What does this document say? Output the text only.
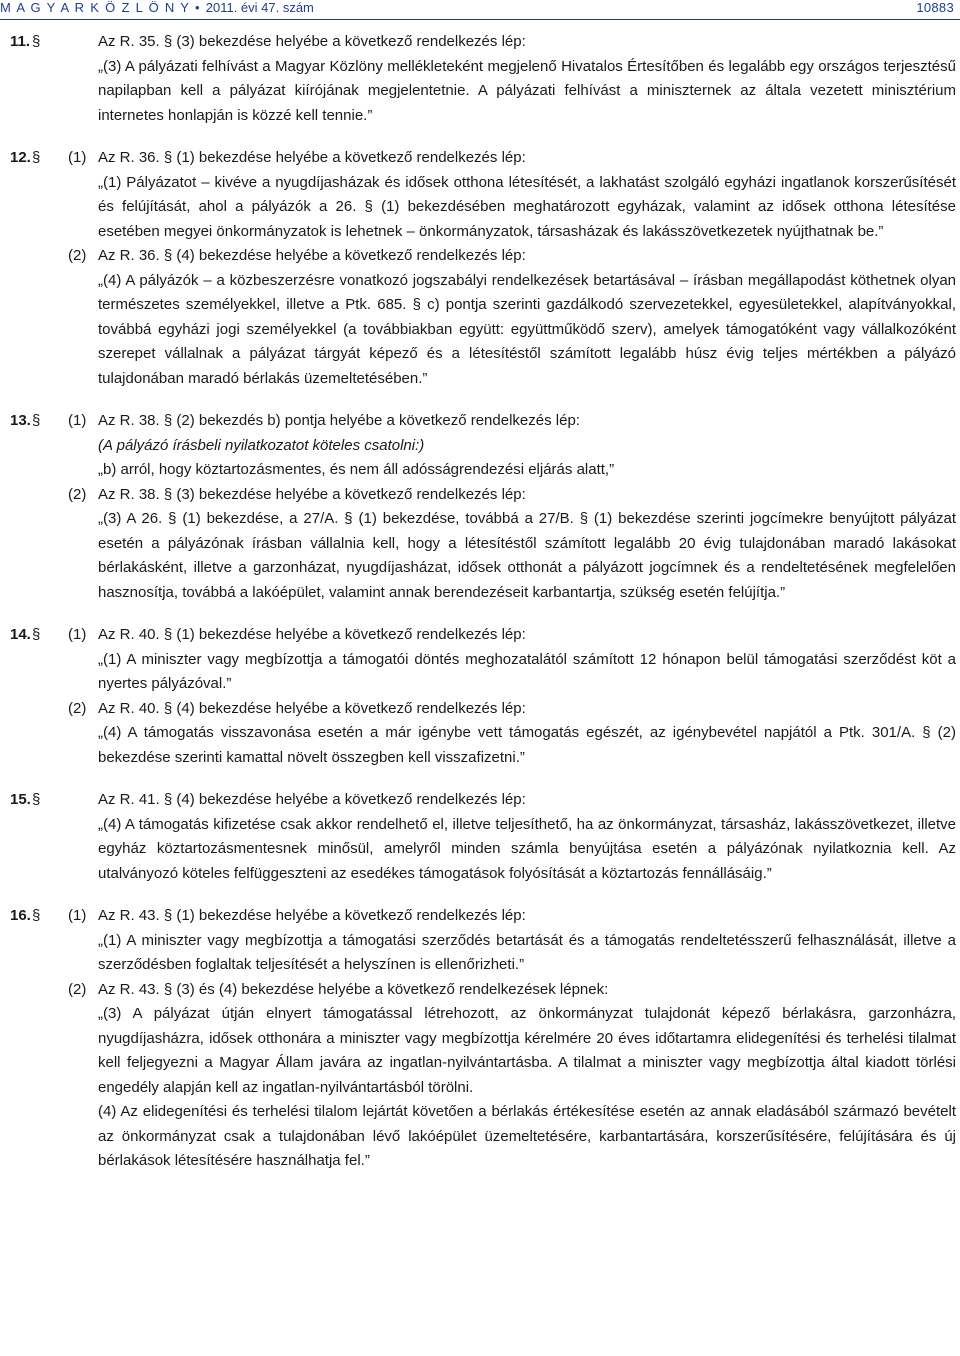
M A G Y A R K Ö Z L Ö N Y • 2011. évi 47. szám	10883
11. §	Az R. 35. § (3) bekezdése helyébe a következő rendelkezés lép:
„(3) A pályázati felhívást a Magyar Közlöny mellékleteként megjelenő Hivatalos Értesítőben és legalább egy országos terjesztésű napilapban kell a pályázat kiírójának megjelentetnie. A pályázati felhívást a miniszternek az általa vezetett minisztérium internetes honlapján is közzé kell tennie.”
12. § (1) Az R. 36. § (1) bekezdése helyébe a következő rendelkezés lép:
„(1) Pályázatot – kivéve a nyugdíjasházak és idősek otthona létesítését, a lakhatást szolgáló egyházi ingatlanok korszerűsítését és felújítását, ahol a pályázók a 26. § (1) bekezdésében meghatározott egyházak, valamint az idősek otthona létesítése esetében megyei önkormányzatok is lehetnek – önkormányzatok, társasházak és lakásszövetkezetek nyújthatnak be.”
(2) Az R. 36. § (4) bekezdése helyébe a következő rendelkezés lép:
„(4) A pályázók – a közbeszerzésre vonatkozó jogszabályi rendelkezések betartásával – írásban megállapodást köthetnek olyan természetes személyekkel, illetve a Ptk. 685. § c) pontja szerinti gazdálkodó szervezetekkel, egyesületekkel, alapítványokkal, továbbá egyházi jogi személyekkel (a továbbiakban együtt: együttműködő szerv), amelyek támogatóként vagy vállalkozóként szerepet vállalnak a pályázat tárgyát képező és a létesítéstől számított legalább húsz évig teljes mértékben a pályázó tulajdonában maradó bérlakás üzemeltetésében.”
13. § (1) Az R. 38. § (2) bekezdés b) pontja helyébe a következő rendelkezés lép:
(A pályázó írásbeli nyilatkozatot köteles csatolni:)
„b) arról, hogy köztartozásmentes, és nem áll adósságrendezési eljárás alatt,”
(2) Az R. 38. § (3) bekezdése helyébe a következő rendelkezés lép:
„(3) A 26. § (1) bekezdése, a 27/A. § (1) bekezdése, továbbá a 27/B. § (1) bekezdése szerinti jogcímekre benyújtott pályázat esetén a pályázónak írásban vállalnia kell, hogy a létesítéstől számított legalább 20 évig tulajdonában maradó lakásokat bérlakásként, illetve a garzonházat, nyugdíjasházat, idősek otthonát a pályázott jogcímnek és a rendeltetésének megfelelően hasznosítja, továbbá a lakóépület, valamint annak berendezéseit karbantartja, szükség esetén felújítja.”
14. § (1) Az R. 40. § (1) bekezdése helyébe a következő rendelkezés lép:
„(1) A miniszter vagy megbízottja a támogatói döntés meghozatalától számított 12 hónapon belül támogatási szerződést köt a nyertes pályázóval.”
(2) Az R. 40. § (4) bekezdése helyébe a következő rendelkezés lép:
„(4) A támogatás visszavonása esetén a már igénybe vett támogatás egészét, az igénybevétel napjától a Ptk. 301/A. § (2) bekezdése szerinti kamattal növelt összegben kell visszafizetni.”
15. §	Az R. 41. § (4) bekezdése helyébe a következő rendelkezés lép:
„(4) A támogatás kifizetése csak akkor rendelhető el, illetve teljesíthető, ha az önkormányzat, társasház, lakásszövetkezet, illetve egyház köztartozásmentesnek minősül, amelyről minden számla benyújtása esetén a pályázónak nyilatkoznia kell. Az utalványozó köteles felfüggeszteni az esedékes támogatások folyósítását a köztartozás fennállásáig.”
16. § (1) Az R. 43. § (1) bekezdése helyébe a következő rendelkezés lép:
„(1) A miniszter vagy megbízottja a támogatási szerződés betartását és a támogatás rendeltetésszerű felhasználását, illetve a szerződésben foglaltak teljesítését a helyszínen is ellenőrizheti.”
(2) Az R. 43. § (3) és (4) bekezdése helyébe a következő rendelkezések lépnek:
„(3) A pályázat útján elnyert támogatással létrehozott, az önkormányzat tulajdonát képező bérlakásra, garzonházra, nyugdíjasházra, idősek otthonára a miniszter vagy megbízottja kérelmére 20 éves időtartamra elidegenítési és terhelési tilalmat kell feljegyezni a Magyar Állam javára az ingatlan-nyilvántartásba. A tilalmat a miniszter vagy megbízottja által kiadott törlési engedély alapján kell az ingatlan-nyilvántartásból törölni.
(4) Az elidegenítési és terhelési tilalom lejártát követően a bérlakás értékesítése esetén az annak eladásából származó bevételt az önkormányzat csak a tulajdonában lévő lakóépület üzemeltetésére, karbantartására, korszerűsítésére, felújítására és új bérlakások létesítésére használhatja fel.”
